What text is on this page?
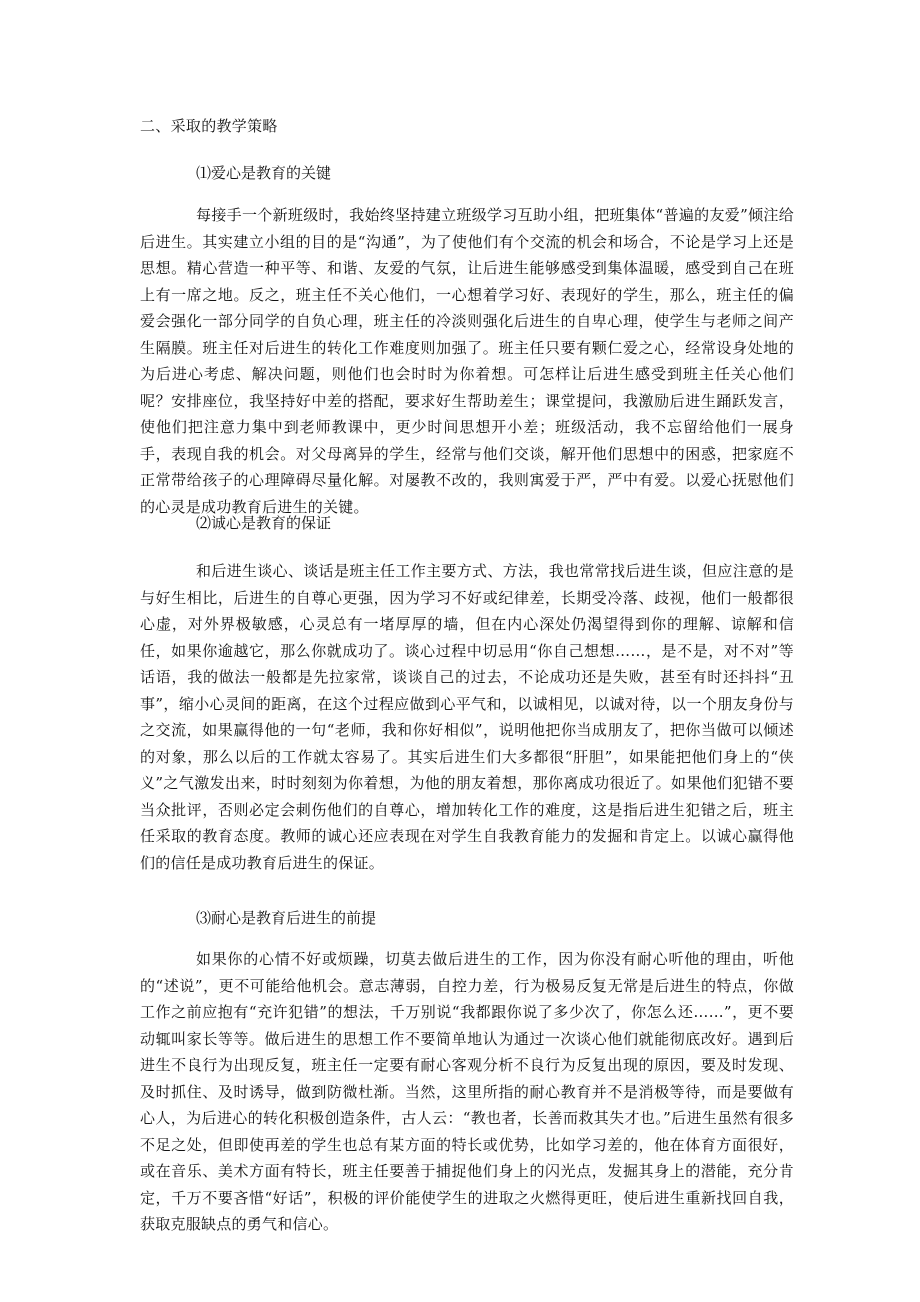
二、采取的教学策略
⑴爱心是教育的关键

每接手一个新班级时，我始终坚持建立班级学习互助小组，把班集体“普遍的友爱”倾注给后进生。其实建立小组的目的是“沟通”，为了使他们有个交流的机会和场合，不论是学习上还是思想。精心营造一种平等、和谐、友爱的气氛，让后进生能够感受到集体温暖，感受到自己在班上有一席之地。反之，班主任不关心他们，一心想着学习好、表现好的学生，那么，班主任的偏爱会强化一部分同学的自负心理，班主任的冷淡则强化后进生的自卑心理，使学生与老师之间产生隔膜。班主任对后进生的转化工作难度则加强了。班主任只要有颗仁爱之心，经常设身处地的为后进心考虑、解决问题，则他们也会时时为你着想。可怎样让后进生感受到班主任关心他们呢？安排座位，我坚持好中差的搭配，要求好生帮助差生；课堂提问，我激励后进生踊跃发言，使他们把注意力集中到老师教课中，更少时间思想开小差；班级活动，我不忘留给他们一展身手，表现自我的机会。对父母离异的学生，经常与他们交谈，解开他们思想中的困惑，把家庭不正常带给孩子的心理障碍尽量化解。对屡教不改的，我则寓爱于严，严中有爱。以爱心抚慰他们的心灵是成功教育后进生的关键。

⑵诚心是教育的保证

和后进生谈心、谈话是班主任工作主要方式、方法，我也常常找后进生谈，但应注意的是与好生相比，后进生的自尊心更强，因为学习不好或纪律差，长期受冷落、歧视，他们一般都很心虚，对外界极敏感，心灵总有一堵厚厚的墙，但在内心深处仍渴望得到你的理解、谅解和信任，如果你逾越它，那么你就成功了。谈心过程中切忌用“你自己想想……，是不是，对不对”等话语，我的做法一般都是先拉家常，谈谈自己的过去，不论成功还是失败，甚至有时还抖抖“丑事”，缩小心灵间的距离，在这个过程应做到心平气和，以诚相见，以诚对待，以一个朋友身份与之交流，如果赢得他的一句“老师，我和你好相似”，说明他把你当成朋友了，把你当做可以倾述的对象，那么以后的工作就太容易了。其实后进生们大多都很“肝胆”，如果能把他们身上的“侠义”之气激发出来，时时刻刻为你着想，为他的朋友着想，那你离成功很近了。如果他们犯错不要当众批评，否则必定会刺伤他们的自尊心，增加转化工作的难度，这是指后进生犯错之后，班主任采取的教育态度。教师的诚心还应表现在对学生自我教育能力的发掘和肯定上。以诚心赢得他们的信任是成功教育后进生的保证。

⑶耐心是教育后进生的前提

如果你的心情不好或烦躁，切莫去做后进生的工作，因为你没有耐心听他的理由，听他的“述说”，更不可能给他机会。意志薄弱，自控力差，行为极易反复无常是后进生的特点，你做工作之前应抱有“充许犯错”的想法，千万别说“我都跟你说了多少次了，你怎么还……”，更不要动辄叫家长等等。做后进生的思想工作不要简单地认为通过一次谈心他们就能彻底改好。遇到后进生不良行为出现反复，班主任一定要有耐心客观分析不良行为反复出现的原因，要及时发现、及时抓住、及时诱导，做到防微杜渐。当然，这里所指的耐心教育并不是消极等待，而是要做有心人，为后进心的转化积极创造条件，古人云：“教也者，长善而救其失才也。”后进生虽然有很多不足之处，但即使再差的学生也总有某方面的特长或优势，比如学习差的，他在体育方面很好，或在音乐、美术方面有特长，班主任要善于捕捉他们身上的闪光点，发掘其身上的潜能，充分肯定，千万不要吝惜“好话”，积极的评价能使学生的进取之火燃得更旺，使后进生重新找回自我，获取克服缺点的勇气和信心。
